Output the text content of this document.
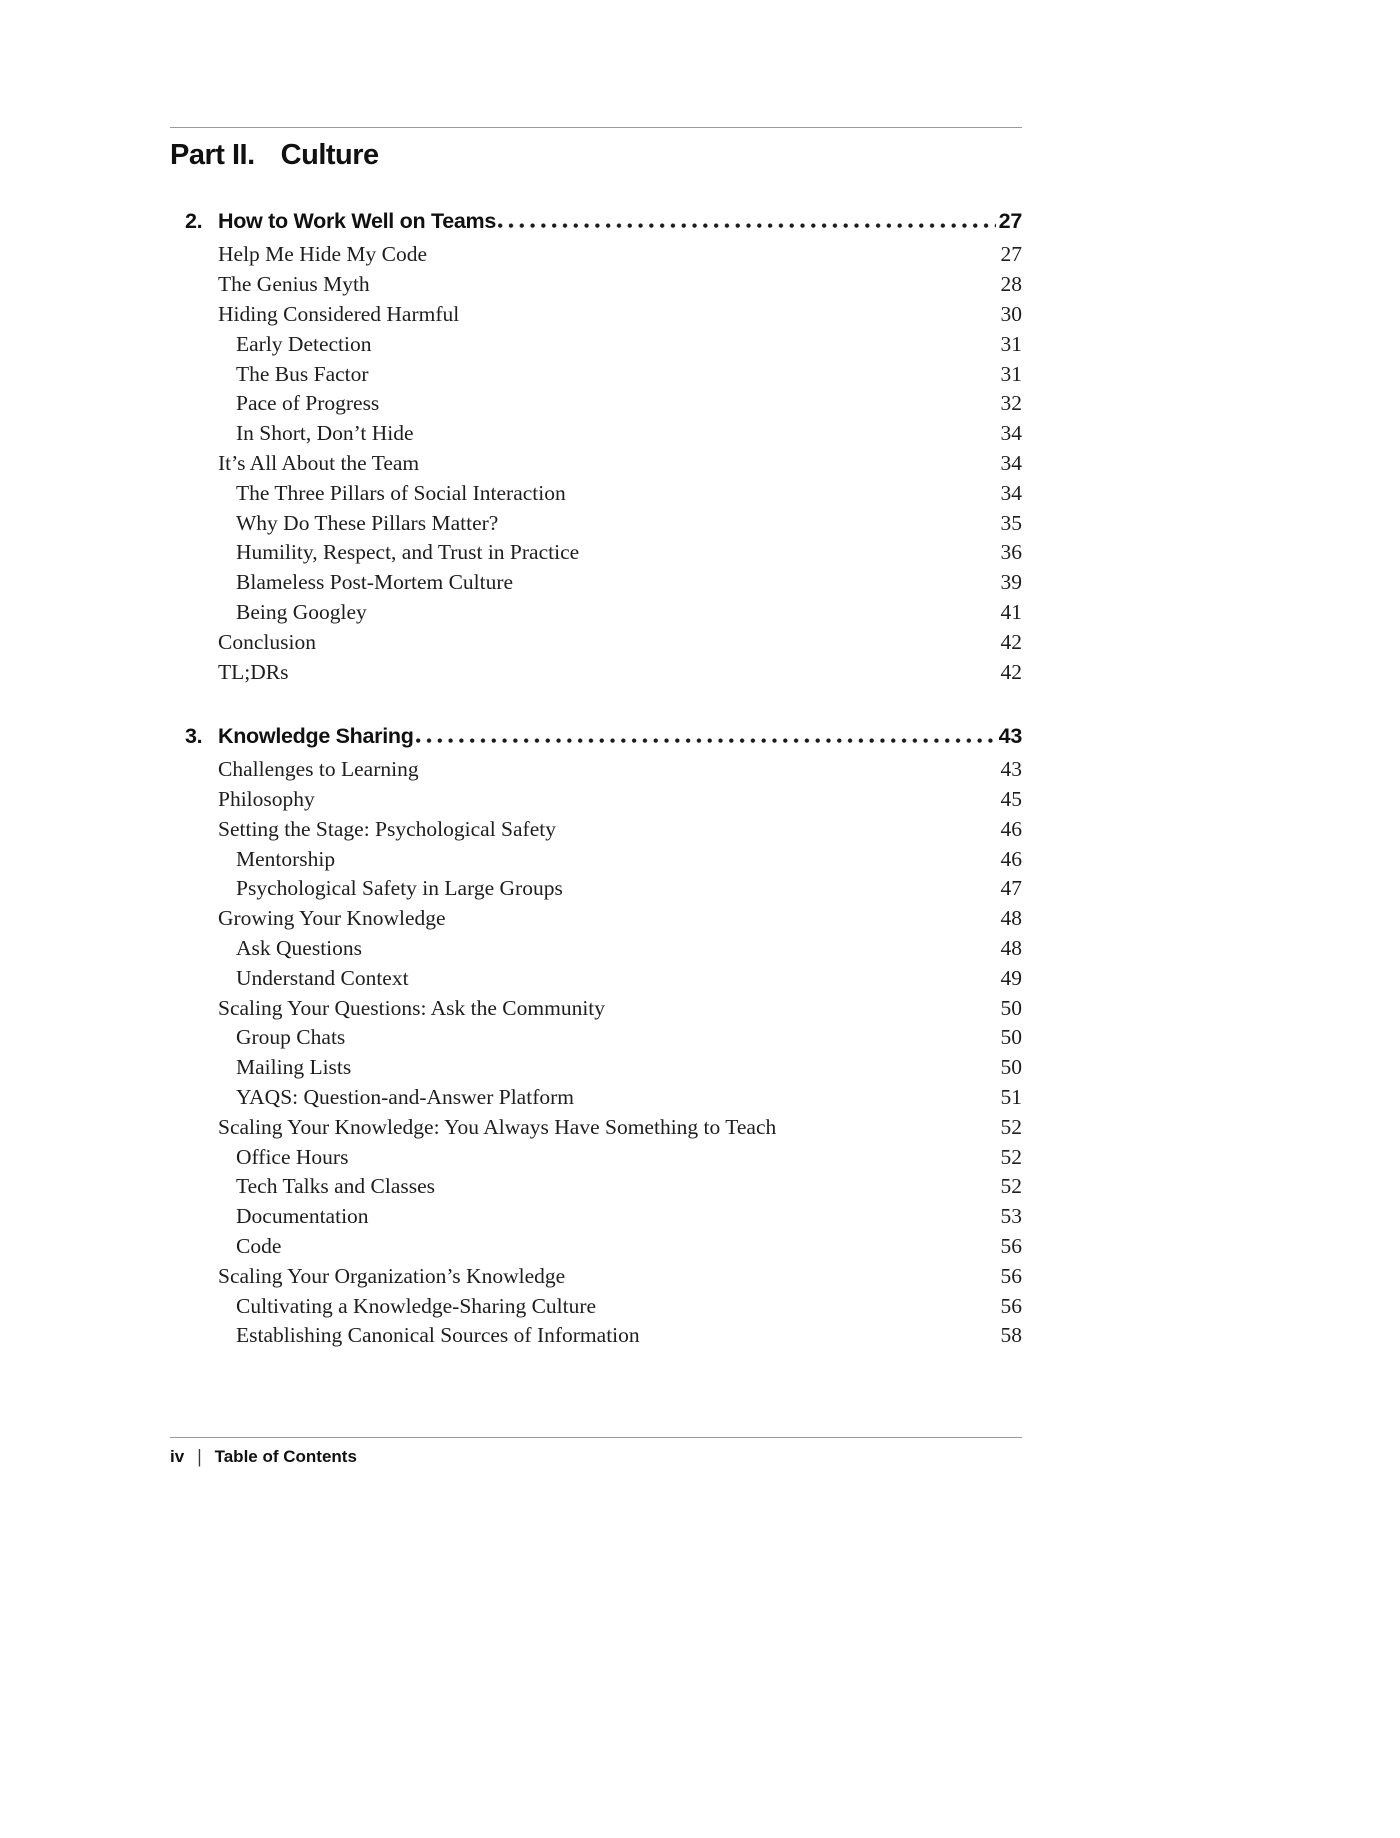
Part II. Culture
2. How to Work Well on Teams	27
Help Me Hide My Code	27
The Genius Myth	28
Hiding Considered Harmful	30
Early Detection	31
The Bus Factor	31
Pace of Progress	32
In Short, Don’t Hide	34
It’s All About the Team	34
The Three Pillars of Social Interaction	34
Why Do These Pillars Matter?	35
Humility, Respect, and Trust in Practice	36
Blameless Post-Mortem Culture	39
Being Googley	41
Conclusion	42
TL;DRs	42
3. Knowledge Sharing	43
Challenges to Learning	43
Philosophy	45
Setting the Stage: Psychological Safety	46
Mentorship	46
Psychological Safety in Large Groups	47
Growing Your Knowledge	48
Ask Questions	48
Understand Context	49
Scaling Your Questions: Ask the Community	50
Group Chats	50
Mailing Lists	50
YAQS: Question-and-Answer Platform	51
Scaling Your Knowledge: You Always Have Something to Teach	52
Office Hours	52
Tech Talks and Classes	52
Documentation	53
Code	56
Scaling Your Organization’s Knowledge	56
Cultivating a Knowledge-Sharing Culture	56
Establishing Canonical Sources of Information	58
iv | Table of Contents
